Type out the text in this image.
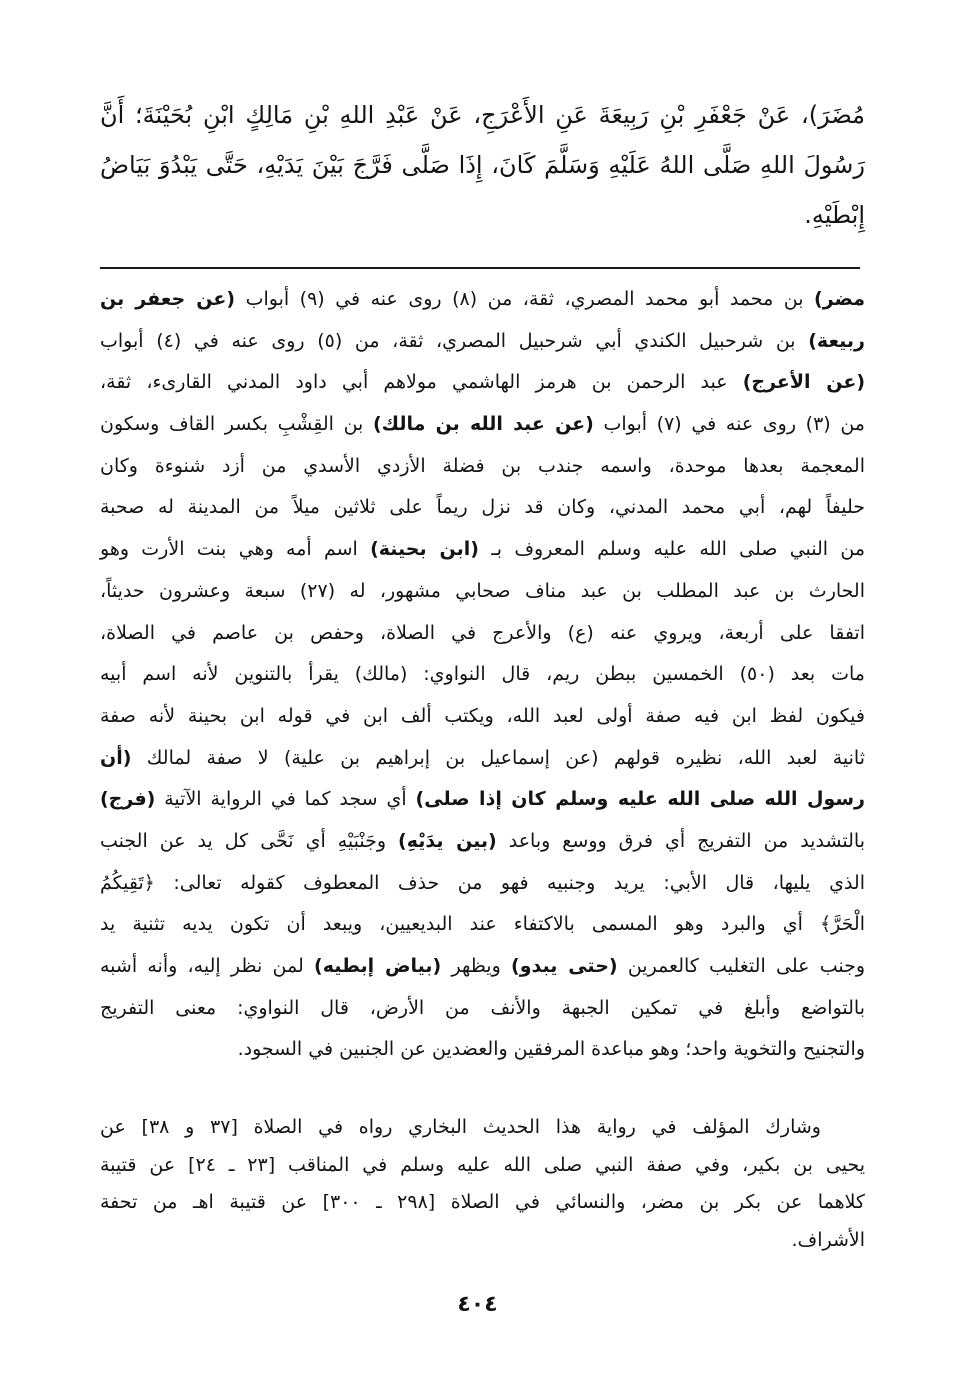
مُضَرَ)، عَنْ جَعْفَرِ بْنِ رَبِيعَةَ عَنِ الأَعْرَجِ، عَنْ عَبْدِ اللهِ بْنِ مَالِكٍ ابْنِ بُحَيْنَةَ؛ أَنَّ
رَسُولَ اللهِ صَلَّى اللهُ عَلَيْهِ وَسَلَّمَ كَانَ، إِذَا صَلَّى فَرَّجَ بَيْنَ يَدَيْهِ، حَتَّى يَبْدُوَ بَيَاضُ
إِبْطَيْهِ.
مضر) بن محمد أبو محمد المصري، ثقة، من (٨) روى عنه في (٩) أبواب (عن جعفر بن
ربيعة) بن شرحبيل الكندي أبي شرحبيل المصري، ثقة، من (٥) روى عنه في (٤) أبواب
(عن الأعرج) عبد الرحمن بن هرمز الهاشمي مولاهم أبي داود المدني القارىء، ثقة،
من (٣) روى عنه في (٧) أبواب (عن عبد الله بن مالك) بن القِشْبِ بكسر القاف وسكون
المعجمة بعدها موحدة، واسمه جندب بن فضلة الأزدي الأسدي من أزد شنوءة وكان
حليفاً لهم، أبي محمد المدني، وكان قد نزل ريماً على ثلاثين ميلاً من المدينة له صحبة
من النبي صلى الله عليه وسلم المعروف بـ (ابن بحينة) اسم أمه وهي بنت الأرت وهو
الحارث بن عبد المطلب بن عبد مناف صحابي مشهور، له (٢٧) سبعة وعشرون حديثاً،
اتفقا على أربعة، ويروي عنه (ع) والأعرج في الصلاة، وحفص بن عاصم في الصلاة،
مات بعد (٥٠) الخمسين ببطن ريم، قال النواوي: (مالك) يقرأ بالتنوين لأنه اسم أبيه
فيكون لفظ ابن فيه صفة أولى لعبد الله، ويكتب ألف ابن في قوله ابن بحينة لأنه صفة
ثانية لعبد الله، نظيره قولهم (عن إسماعيل بن إبراهيم بن علية) لا صفة لمالك (أن
رسول الله صلى الله عليه وسلم كان إذا صلى) أي سجد كما في الرواية الآتية (فرج)
بالتشديد من التفريج أي فرق ووسع وباعد (بين يدَيْهِ) وجَنْبَيْهِ أي نَحَّى كل يد عن الجنب
الذي يليها، قال الأبي: يريد وجنبيه فهو من حذف المعطوف كقوله تعالى: ﴿تَقِيكُمُ
الْحَرَّ﴾ أي والبرد وهو المسمى بالاكتفاء عند البديعيين، ويبعد أن تكون يديه تثنية يد
وجنب على التغليب كالعمرين (حتى يبدو) ويظهر (بياض إبطيه) لمن نظر إليه، وأنه أشبه
بالتواضع وأبلغ في تمكين الجبهة والأنف من الأرض، قال النواوي: معنى التفريج
والتجنيح والتخوية واحد؛ وهو مباعدة المرفقين والعضدين عن الجنبين في السجود.
وشارك المؤلف في رواية هذا الحديث البخاري رواه في الصلاة [٣٧ و ٣٨] عن
يحيى بن بكير، وفي صفة النبي صلى الله عليه وسلم في المناقب [٢٣ ـ ٢٤] عن قتيبة
كلاهما عن بكر بن مضر، والنسائي في الصلاة [٢٩٨ ـ ٣٠٠] عن قتيبة اهـ من تحفة
الأشراف.
٤٠٤
